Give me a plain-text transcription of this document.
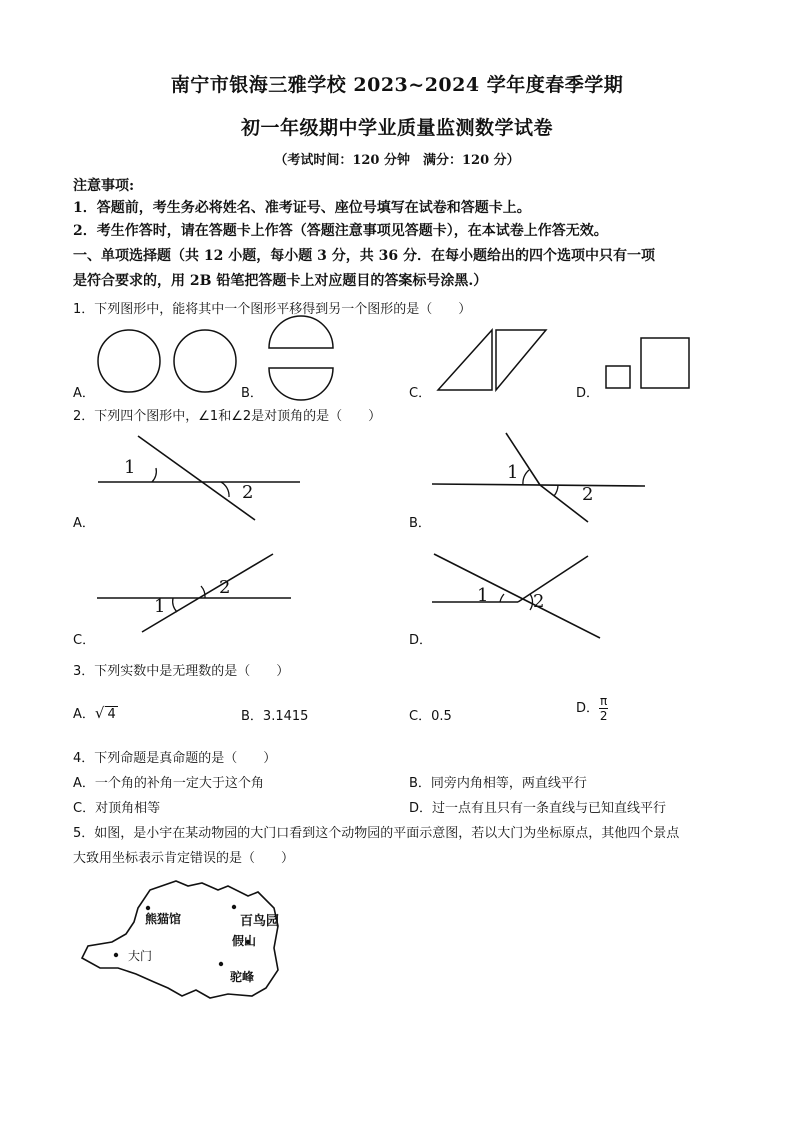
南宁市银海三雅学校 2023~2024 学年度春季学期
初一年级期中学业质量监测数学试卷
（考试时间：120 分钟　满分：120 分）
注意事项:
1．答题前，考生务必将姓名、准考证号、座位号填写在试卷和答题卡上。
2．考生作答时，请在答题卡上作答（答题注意事项见答题卡），在本试卷上作答无效。
一、单项选择题（共 12 小题，每小题 3 分，共 36 分．在每小题给出的四个选项中只有一项
是符合要求的，用 2B 铅笔把答题卡上对应题目的答案标号涂黑.）
1．下列图形中，能将其中一个图形平移得到另一个图形的是（　　）
A．	B．	C．	D．
2．下列四个图形中，∠1和∠2是对顶角的是（　　）
1
2
A．
1
2
B．
1
2
C．
1 2
D．
3．下列实数中是无理数的是（　　）
A．√ 4	B．3.1415	C．0.5
D． $\frac{\pi}{2}$
4．下列命题是真命题的是（　　）
A．一个角的补角一定大于这个角	B．同旁内角相等，两直线平行
C．对顶角相等	D．过一点有且只有一条直线与已知直线平行
5．如图，是小宇在某动物园的大门口看到这个动物园的平面示意图，若以大门为坐标原点，其他四个景点
大致用坐标表示肯定错误的是（　　）
熊猫馆	百鸟园
假山
大门
驼峰
